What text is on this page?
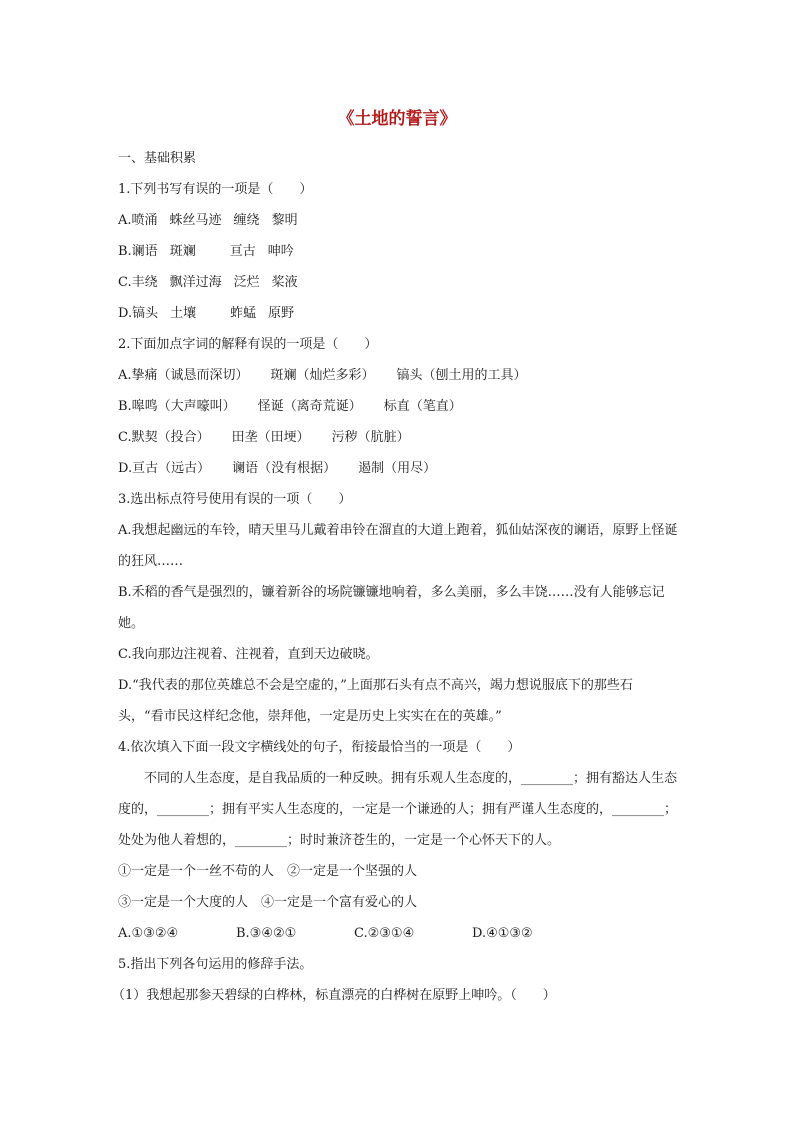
《土地的誓言》
一、基础积累
1.下列书写有误的一项是（　　）
A.喷涌 蛛丝马迹 缠绕 黎明
B.谰语 斑斓	亘古 呻吟
C.丰绕 飘洋过海 泛烂 桨液
D.镐头 土壤	蚱蜢 原野
2.下面加点字词的解释有误的一项是（　　）
A.挚痛（诚恳而深切） 斑斓（灿烂多彩） 镐头（刨土用的工具）
B.嗥鸣（大声嚎叫） 怪诞（离奇荒诞） 标直（笔直）
C.默契（投合） 田垄（田埂） 污秽（肮脏）
D.亘古（远古） 谰语（没有根据） 遏制（用尽）
3.选出标点符号使用有误的一项（　　）
A.我想起幽远的车铃，晴天里马儿戴着串铃在溜直的大道上跑着，狐仙姑深夜的谰语，原野上怪诞的狂风……
B.禾稻的香气是强烈的，镰着新谷的场院镰镰地响着，多么美丽，多么丰饶……没有人能够忘记她。
C.我向那边注视着、注视着，直到天边破晓。
D.“我代表的那位英雄总不会是空虚的，”上面那石头有点不高兴，竭力想说服底下的那些石头，“看市民这样纪念他，崇拜他，一定是历史上实实在在的英雄。”
4.依次填入下面一段文字横线处的句子，衔接最恰当的一项是（　　）
不同的人生态度，是自我品质的一种反映。拥有乐观人生态度的，________；拥有豁达人生态度的，________；拥有平实人生态度的，一定是一个谦逊的人；拥有严谨人生态度的，________；处处为他人着想的，________；时时兼济苍生的，一定是一个心怀天下的人。
①一定是一个一丝不苟的人　②一定是一个坚强的人
③一定是一个大度的人　④一定是一个富有爱心的人
A.①③②④	B.③④②①	C.②③①④	D.④①③②
5.指出下列各句运用的修辞手法。
（1）我想起那参天碧绿的白桦林，标直漂亮的白桦树在原野上呻吟。（　　）
